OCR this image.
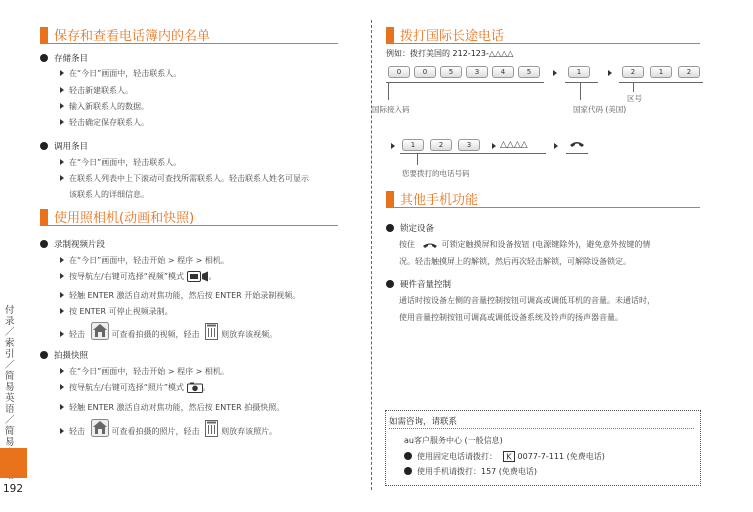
保存和查看电话簿内的名单
存储条目
在“今日”画面中，轻击联系人。
轻击新建联系人。
输入新联系人的数据。
轻击确定保存联系人。
调用条目
在“今日”画面中，轻击联系人。
在联系人列表中上下滚动可查找所需联系人。轻击联系人姓名可显示
该联系人的详细信息。
使用照相机(动画和快照)
录制视频片段
在“今日”画面中，轻击开始 > 程序 > 相机。
按导航左/右键可选择“视频”模式	。
轻触 ENTER 激活自动对焦功能，然后按 ENTER 开始录制视频。
按 ENTER 可停止视频录制。
轻击	可查看拍摄的视频，轻击	则放弃该视频。
拍摄快照
在“今日”画面中，轻击开始 > 程序 > 相机。
按导航左/右键可选择“照片”模式 。
轻触 ENTER 激活自动对焦功能，然后按 ENTER 拍摄快照。
轻击	可查看拍摄的照片，轻击	则放弃该照片。
付录／索引／简易英语／简易
192
拨打国际长途电话
例如：拨打美国的 212-123-△△△△
0	0	5	3	4	5	1	2	1	2
国际接入码
区号
国家代码 (美国)
1	2	3	△△△△
您要拨打的电话号码
其他手机功能
锁定设备
按住	可锁定触摸屏和设备按钮 (电源键除外)，避免意外按键的情
况。轻击触摸屏上的解锁，然后再次轻击解锁，可解除设备锁定。
硬件音量控制
通话时按设备左侧的音量控制按钮可调高或调低耳机的音量。未通话时，
使用音量控制按钮可调高或调低设备系统及铃声的扬声器音量。
如需咨询，请联系
au客户服务中心 (一般信息)
使用固定电话请拨打： K 0077-7-111 (免费电话)
使用手机请拨打：157 (免费电话)
